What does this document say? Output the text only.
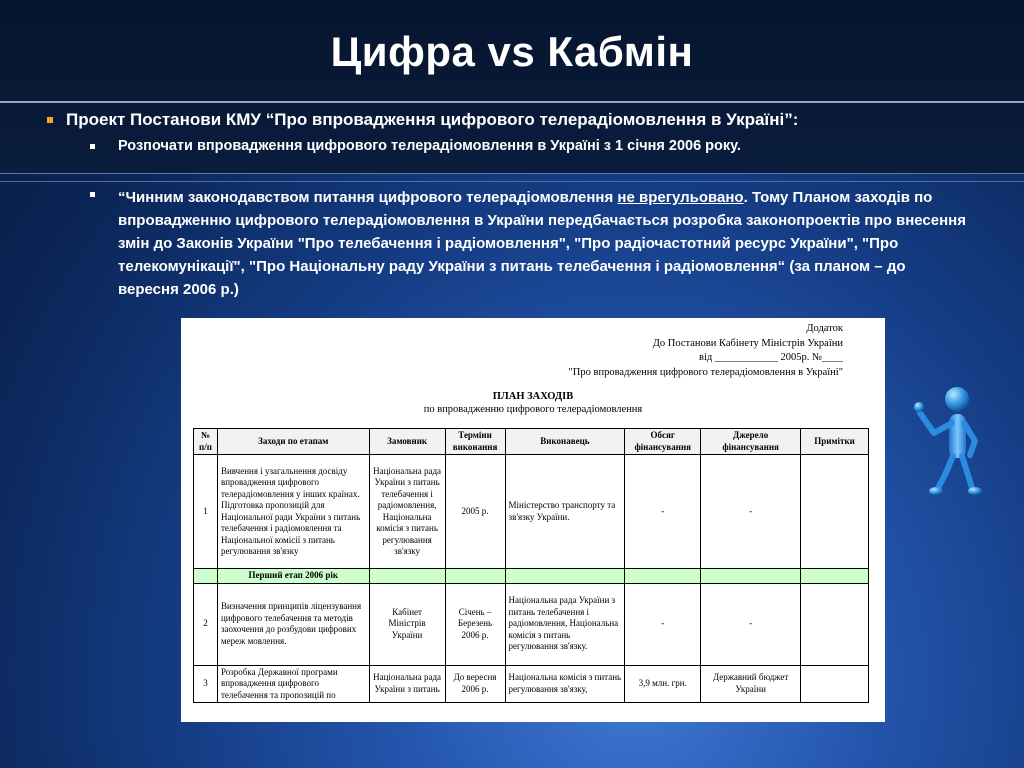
Цифра vs Кабмін
Проект Постанови КМУ “Про впровадження цифрового телерадіомовлення в Україні”:
Розпочати впровадження цифрового телерадіомовлення в Україні з 1 січня 2006 року.
“Чинним законодавством питання цифрового телерадіомовлення не врегульовано. Тому Планом заходів по впровадженню цифрового телерадіомовлення в України передбачається розробка законопроектів про внесення змін до Законів України "Про телебачення і радіомовлення", "Про радіочастотний ресурс України", "Про телекомунікації", "Про Національну раду України з питань телебачення і радіомовлення“ (за планом – до вересня 2006 р.)
Додаток
До Постанови Кабінету Міністрів України
від ____________ 2005р. №____
"Про впровадження цифрового телерадіомовлення в Україні"
ПЛАН ЗАХОДІВ
по впровадженню цифрового телерадіомовлення
№ п/п	Заходи по етапам	Замовник	Терміни виконання	Виконавець	Обсяг фінансування	Джерело фінансування	Примітки
1	Вивчення і узагальнення досвіду впровадження цифрового телерадіомовлення у інших країнах. Підготовка пропозицій для Національної ради України з питань телебачення і радіомовлення та Національної комісії з питань регулювання зв'язку	Національна рада України з питань телебачення і радіомовлення, Національна комісія з питань регулювання зв'язку	2005 р.	Міністерство транспорту та зв'язку України.	-	-	
	Перший етап 2006 рік						
2	Визначення принципів ліцензування цифрового телебачення та методів заохочення до розбудови цифрових мереж мовлення.	Кабінет Міністрів України	Січень – Березень 2006 р.	Національна рада України з питань телебачення і радіомовлення, Національна комісія з питань регулювання зв'язку.	-	-	
3	Розробка Державної програми впровадження цифрового телебачення та пропозицій по	Національна рада України з питань	До вересня 2006 р.	Національна комісія з питань регулювання зв'язку,	3,9 млн. грн.	Державний бюджет України	
